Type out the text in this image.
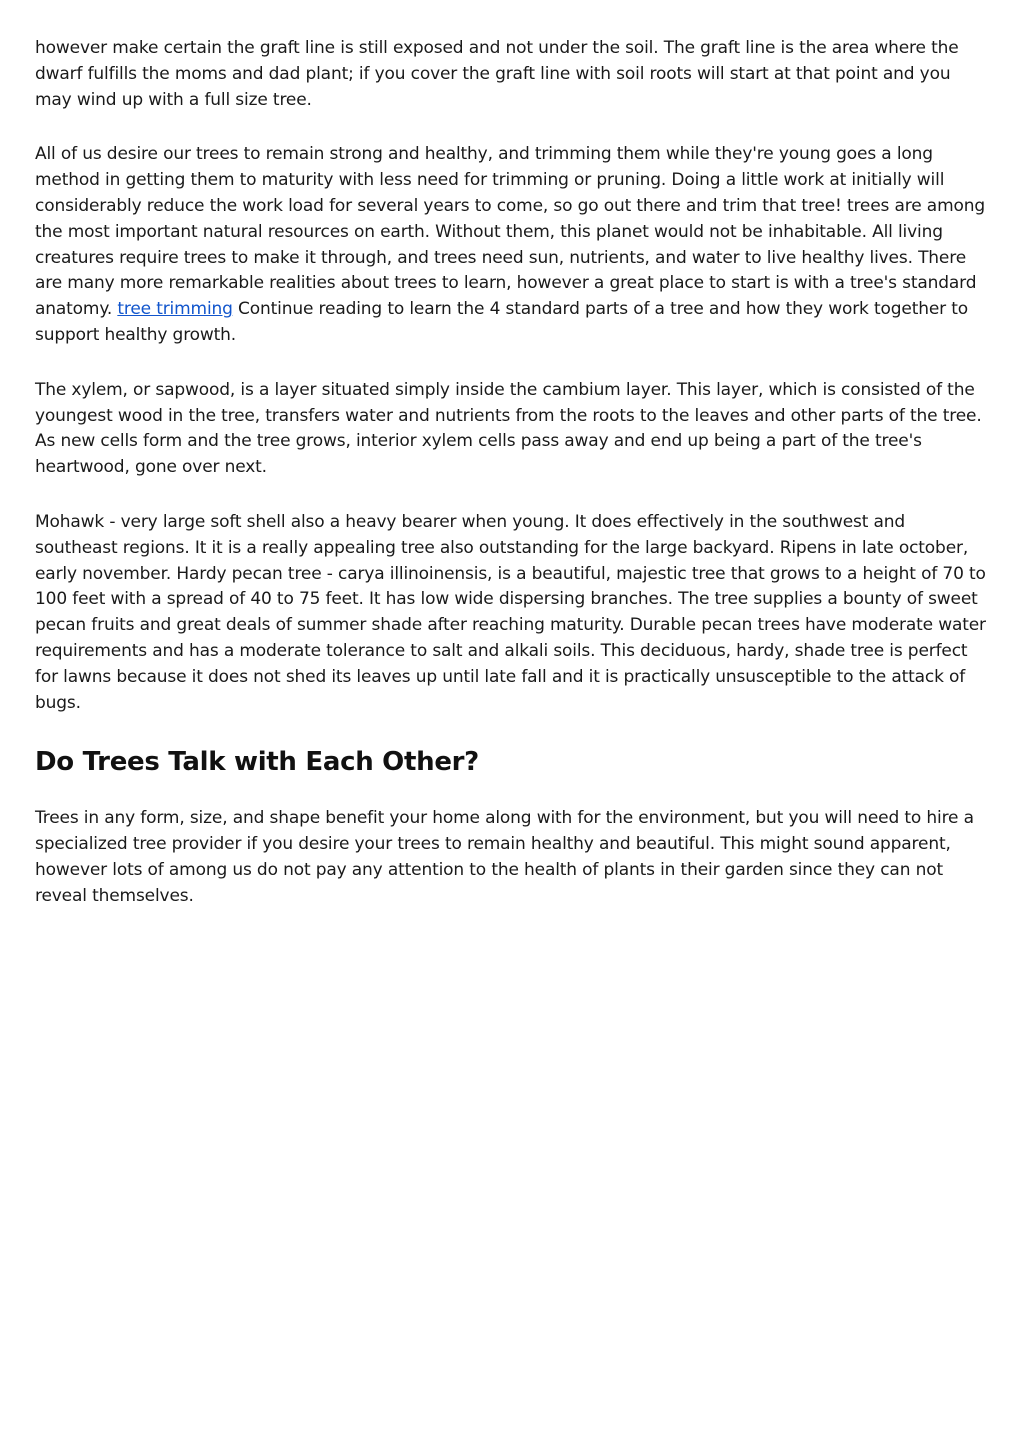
however make certain the graft line is still exposed and not under the soil. The graft line is the area where the dwarf fulfills the moms and dad plant; if you cover the graft line with soil roots will start at that point and you may wind up with a full size tree.

All of us desire our trees to remain strong and healthy, and trimming them while they're young goes a long method in getting them to maturity with less need for trimming or pruning. Doing a little work at initially will considerably reduce the work load for several years to come, so go out there and trim that tree! trees are among the most important natural resources on earth. Without them, this planet would not be inhabitable. All living creatures require trees to make it through, and trees need sun, nutrients, and water to live healthy lives. There are many more remarkable realities about trees to learn, however a great place to start is with a tree's standard anatomy. tree trimming Continue reading to learn the 4 standard parts of a tree and how they work together to support healthy growth.

The xylem, or sapwood, is a layer situated simply inside the cambium layer. This layer, which is consisted of the youngest wood in the tree, transfers water and nutrients from the roots to the leaves and other parts of the tree. As new cells form and the tree grows, interior xylem cells pass away and end up being a part of the tree's heartwood, gone over next.

Mohawk - very large soft shell also a heavy bearer when young. It does effectively in the southwest and southeast regions. It it is a really appealing tree also outstanding for the large backyard. Ripens in late october, early november. Hardy pecan tree - carya illinoinensis, is a beautiful, majestic tree that grows to a height of 70 to 100 feet with a spread of 40 to 75 feet. It has low wide dispersing branches. The tree supplies a bounty of sweet pecan fruits and great deals of summer shade after reaching maturity. Durable pecan trees have moderate water requirements and has a moderate tolerance to salt and alkali soils. This deciduous, hardy, shade tree is perfect for lawns because it does not shed its leaves up until late fall and it is practically unsusceptible to the attack of bugs.

Do Trees Talk with Each Other?

Trees in any form, size, and shape benefit your home along with for the environment, but you will need to hire a specialized tree provider if you desire your trees to remain healthy and beautiful. This might sound apparent, however lots of among us do not pay any attention to the health of plants in their garden since they can not reveal themselves.
